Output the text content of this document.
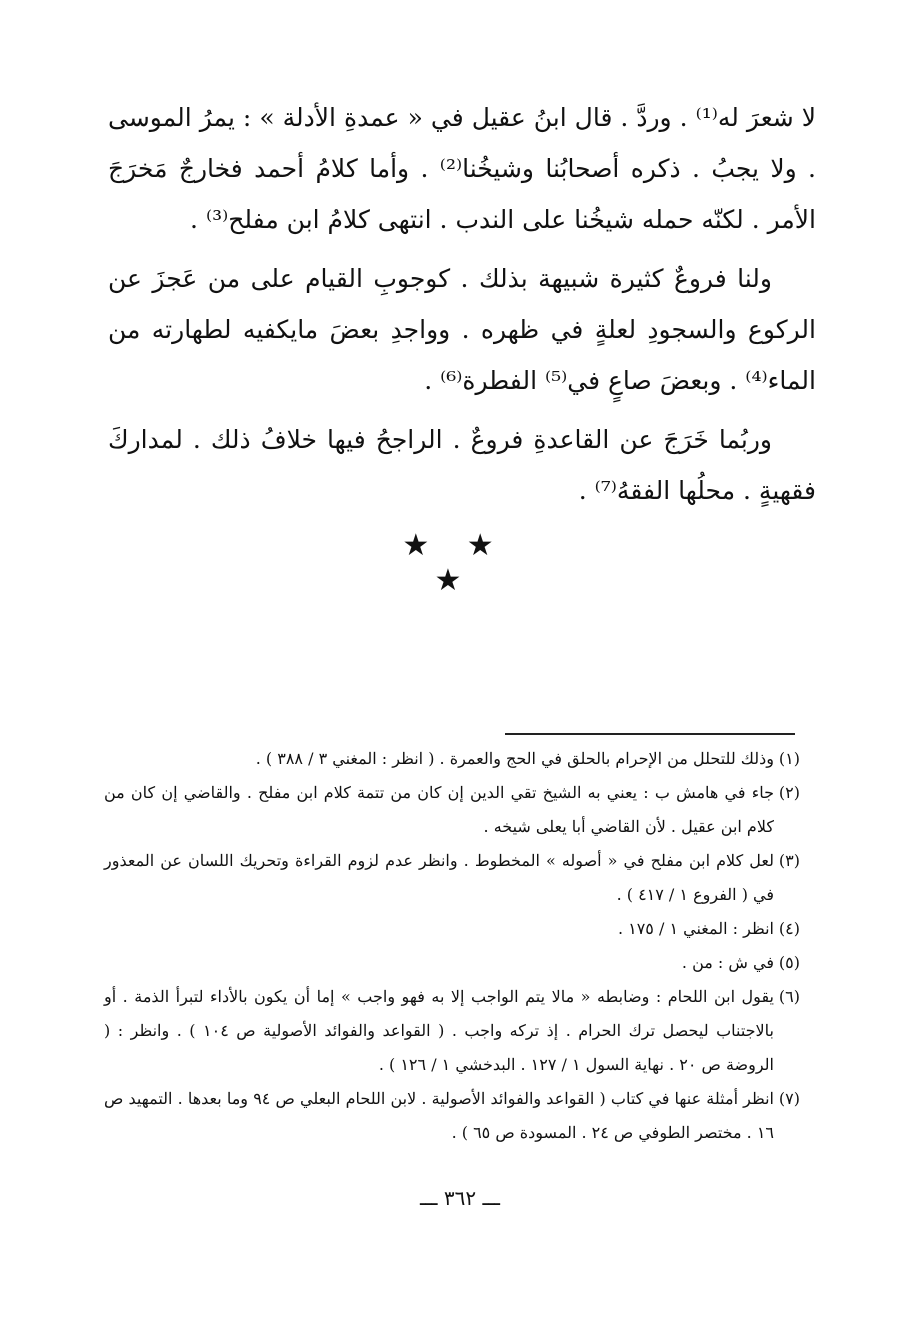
لا شعرَ له⁽¹⁾ . وردَّ . قال ابنُ عقيل في « عمدةِ الأدلة » : يمرُ الموسى . ولا يجبُ . ذكره أصحابُنا وشيخُنا⁽²⁾ . وأما كلامُ أحمد فخارجٌ مَخرَجَ الأمر . لكنّه حمله شيخُنا على الندب . انتهى كلامُ ابن مفلح⁽³⁾ .

ولنا فروعٌ كثيرة شبيهة بذلك . كوجوبِ القيام على من عَجزَ عن الركوع والسجودِ لعلةٍ في ظهره . وواجدِ بعضَ مايكفيه لطهارته من الماء⁽⁴⁾ . وبعضَ صاعٍ في⁽⁵⁾ الفطرة⁽⁶⁾ .

وربُما خَرَجَ عن القاعدةِ فروعٌ . الراجحُ فيها خلافُ ذلك . لمداركَ فقهيةٍ . محلُها الفقهُ⁽⁷⁾ .

★ ★ ★

(١)
وذلك للتحلل من الإحرام بالحلق في الحج والعمرة . ( انظر : المغني ٣ / ٣٨٨ ) .

(٢)
جاء في هامش ب : يعني به الشيخ تقي الدين إن كان من تتمة كلام ابن مفلح . والقاضي إن كان من كلام ابن عقيل . لأن القاضي أبا يعلى شيخه .

(٣)
لعل كلام ابن مفلح في « أصوله » المخطوط . وانظر عدم لزوم القراءة وتحريك اللسان عن المعذور في ( الفروع ١ / ٤١٧ ) .

(٤)
انظر : المغني ١ / ١٧٥ .

(٥)
في ش : من .

(٦)
يقول ابن اللحام : وضابطه « مالا يتم الواجب إلا به فهو واجب » إما أن يكون بالأداء لتبرأ الذمة . أو بالاجتناب ليحصل ترك الحرام . إذ تركه واجب . ( القواعد والفوائد الأصولية ص ١٠٤ ) . وانظر : ( الروضة ص ٢٠ . نهاية السول ١ / ١٢٧ . البدخشي ١ / ١٢٦ ) .

(٧)
انظر أمثلة عنها في كتاب ( القواعد والفوائد الأصولية . لابن اللحام البعلي ص ٩٤ وما بعدها . التمهيد ص ١٦ . مختصر الطوفي ص ٢٤ . المسودة ص ٦٥ ) .

ـــ ٣٦٢ ـــ
